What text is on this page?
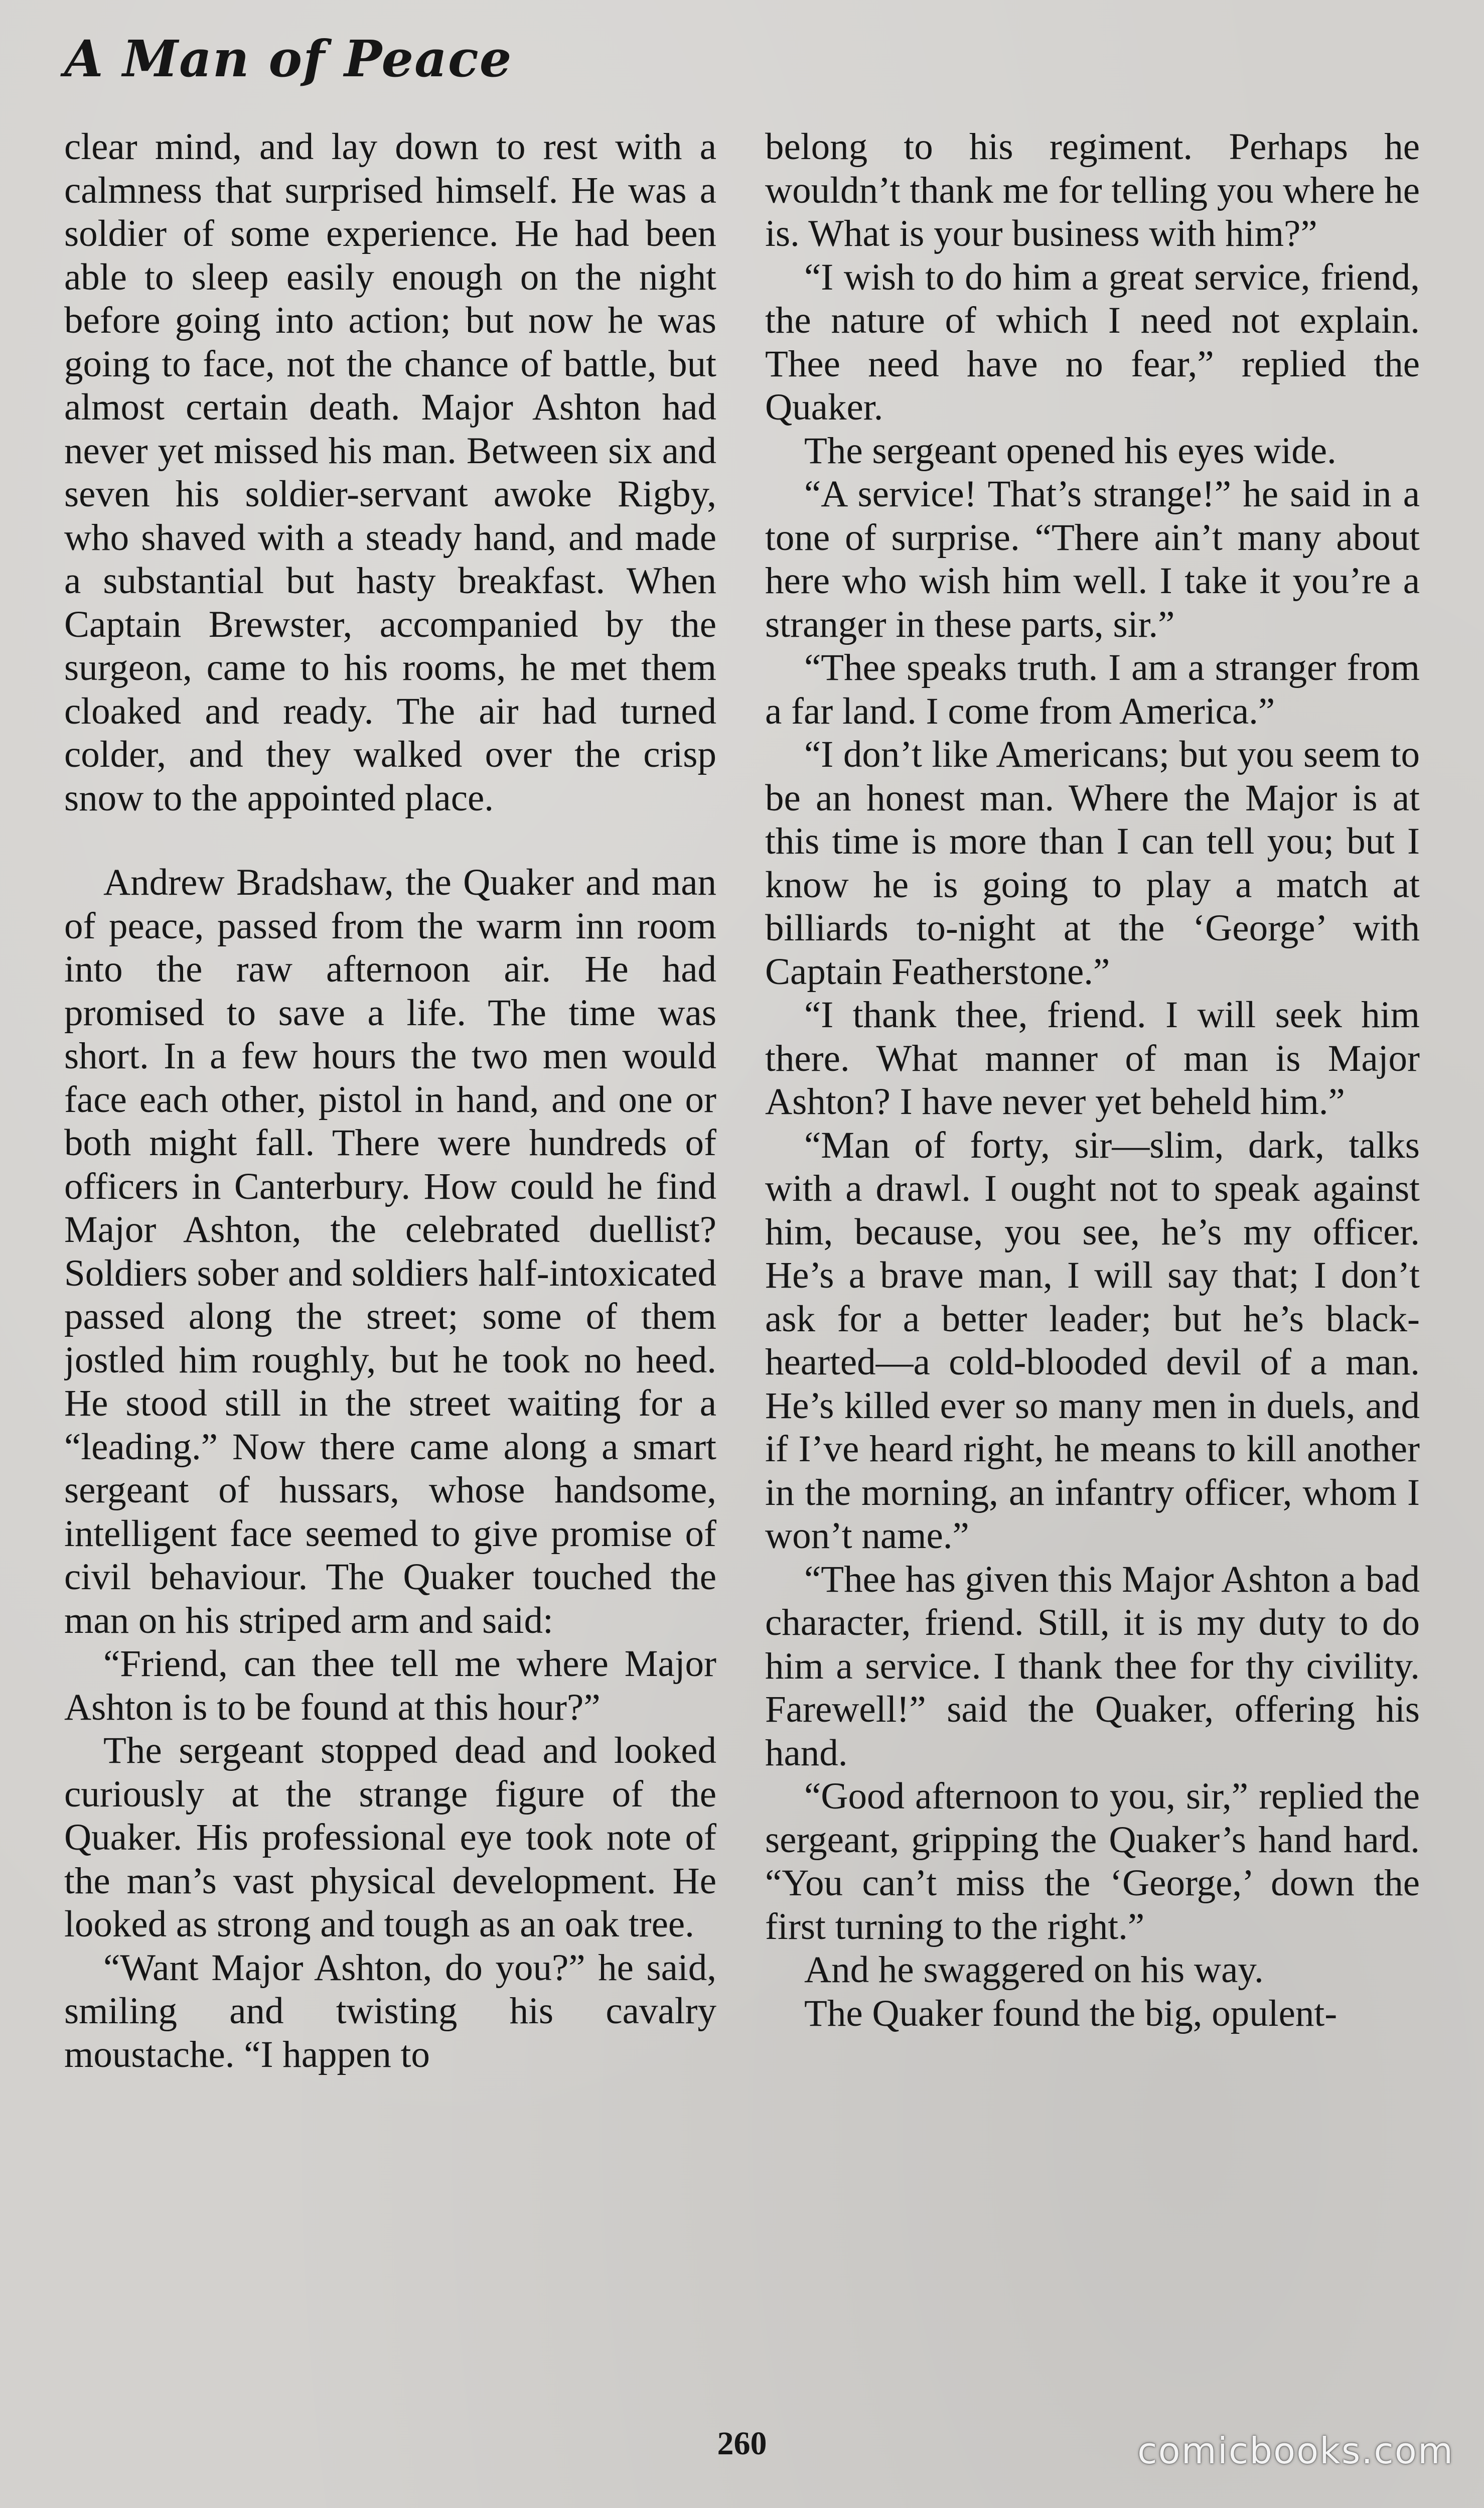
A Man of Peace

clear mind, and lay down to rest with a calmness that surprised himself. He was a soldier of some experience. He had been able to sleep easily enough on the night before going into action; but now he was going to face, not the chance of battle, but almost certain death. Major Ashton had never yet missed his man. Between six and seven his soldier-servant awoke Rigby, who shaved with a steady hand, and made a substantial but hasty breakfast. When Captain Brewster, accompanied by the surgeon, came to his rooms, he met them cloaked and ready. The air had turned colder, and they walked over the crisp snow to the appointed place.

Andrew Bradshaw, the Quaker and man of peace, passed from the warm inn room into the raw afternoon air. He had promised to save a life. The time was short. In a few hours the two men would face each other, pistol in hand, and one or both might fall. There were hundreds of officers in Canterbury. How could he find Major Ashton, the celebrated duellist? Soldiers sober and soldiers half-intoxicated passed along the street; some of them jostled him roughly, but he took no heed. He stood still in the street waiting for a “leading.” Now there came along a smart sergeant of hussars, whose handsome, intelligent face seemed to give promise of civil behaviour. The Quaker touched the man on his striped arm and said:

“Friend, can thee tell me where Major Ashton is to be found at this hour?”

The sergeant stopped dead and looked curiously at the strange figure of the Quaker. His professional eye took note of the man’s vast physical development. He looked as strong and tough as an oak tree.

“Want Major Ashton, do you?” he said, smiling and twisting his cavalry moustache. “I happen to

belong to his regiment. Perhaps he wouldn’t thank me for telling you where he is. What is your business with him?”

“I wish to do him a great service, friend, the nature of which I need not explain. Thee need have no fear,” replied the Quaker.

The sergeant opened his eyes wide.

“A service! That’s strange!” he said in a tone of surprise. “There ain’t many about here who wish him well. I take it you’re a stranger in these parts, sir.”

“Thee speaks truth. I am a stranger from a far land. I come from America.”

“I don’t like Americans; but you seem to be an honest man. Where the Major is at this time is more than I can tell you; but I know he is going to play a match at billiards to-night at the ‘George’ with Captain Featherstone.”

“I thank thee, friend. I will seek him there. What manner of man is Major Ashton? I have never yet beheld him.”

“Man of forty, sir—slim, dark, talks with a drawl. I ought not to speak against him, because, you see, he’s my officer. He’s a brave man, I will say that; I don’t ask for a better leader; but he’s black-hearted—a cold-blooded devil of a man. He’s killed ever so many men in duels, and if I’ve heard right, he means to kill another in the morning, an infantry officer, whom I won’t name.”

“Thee has given this Major Ashton a bad character, friend. Still, it is my duty to do him a service. I thank thee for thy civility. Farewell!” said the Quaker, offering his hand.

“Good afternoon to you, sir,” replied the sergeant, gripping the Quaker’s hand hard. “You can’t miss the ‘George,’ down the first turning to the right.”

And he swaggered on his way.

The Quaker found the big, opulent-

260	comicbooks.com
